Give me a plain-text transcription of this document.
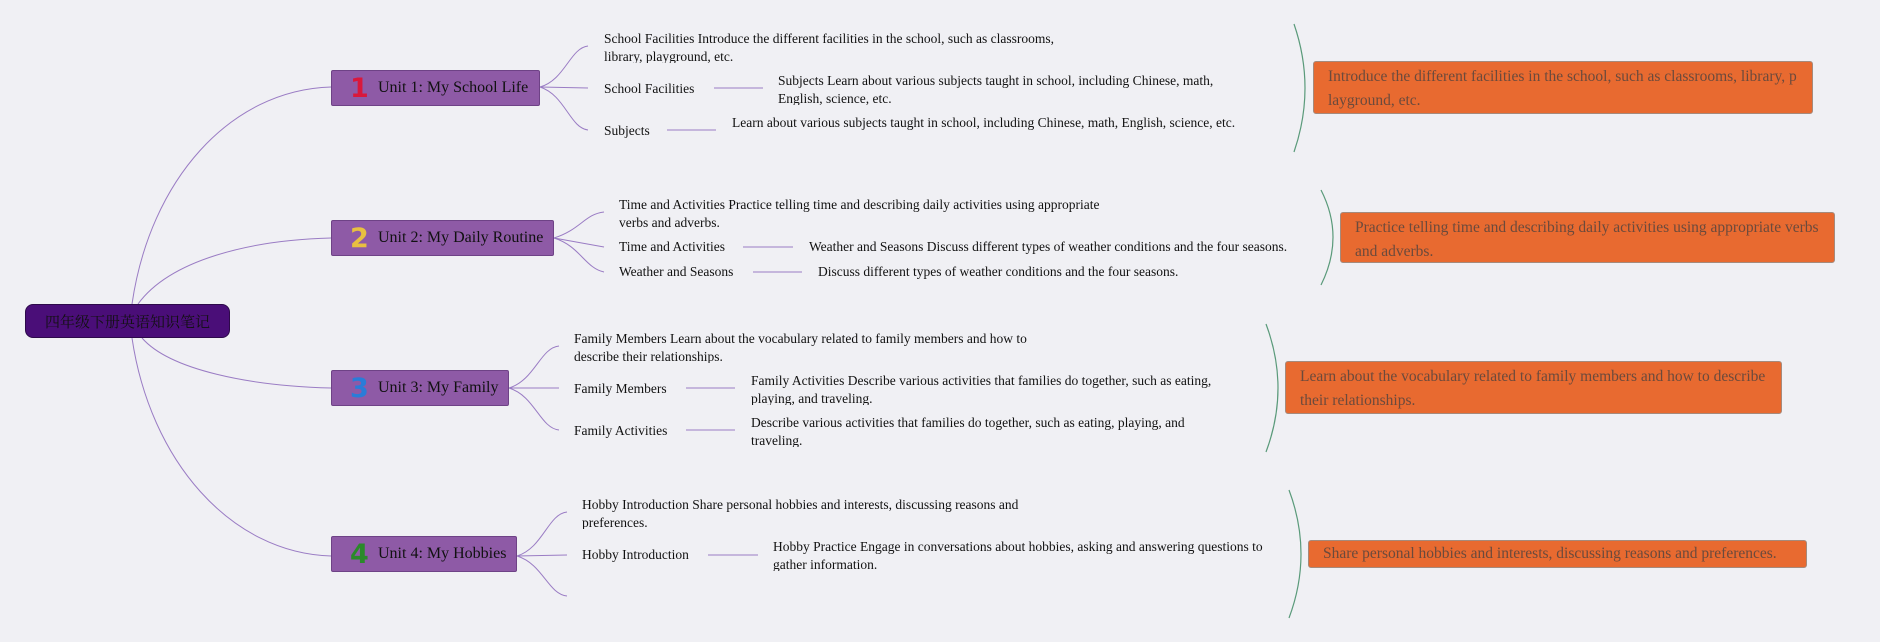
四年级下册英语知识笔记
1 Unit 1: My School Life
School Facilities Introduce the different facilities in the school, such as classrooms, library, playground, etc.
School Facilities
Subjects Learn about various subjects taught in school, including Chinese, math, English, science, etc.
Subjects
Learn about various subjects taught in school, including Chinese, math, English, science, etc.
Introduce the different facilities in the school, such as classrooms, library, playground, etc.
2 Unit 2: My Daily Routine
Time and Activities Practice telling time and describing daily activities using appropriate verbs and adverbs.
Time and Activities	Weather and Seasons Discuss different types of weather conditions and the four seasons.
Weather and Seasons	Discuss different types of weather conditions and the four seasons.
Practice telling time and describing daily activities using appropriate verbs and adverbs.
3 Unit 3: My Family
Family Members Learn about the vocabulary related to family members and how to describe their relationships.
Family Members
Family Activities Describe various activities that families do together, such as eating, playing, and traveling.
Family Activities
Describe various activities that families do together, such as eating, playing, and traveling.
Learn about the vocabulary related to family members and how to describe their relationships.
4 Unit 4: My Hobbies
Hobby Introduction Share personal hobbies and interests, discussing reasons and preferences.
Hobby Introduction
Hobby Practice Engage in conversations about hobbies, asking and answering questions to gather information.
Share personal hobbies and interests, discussing reasons and preferences.
